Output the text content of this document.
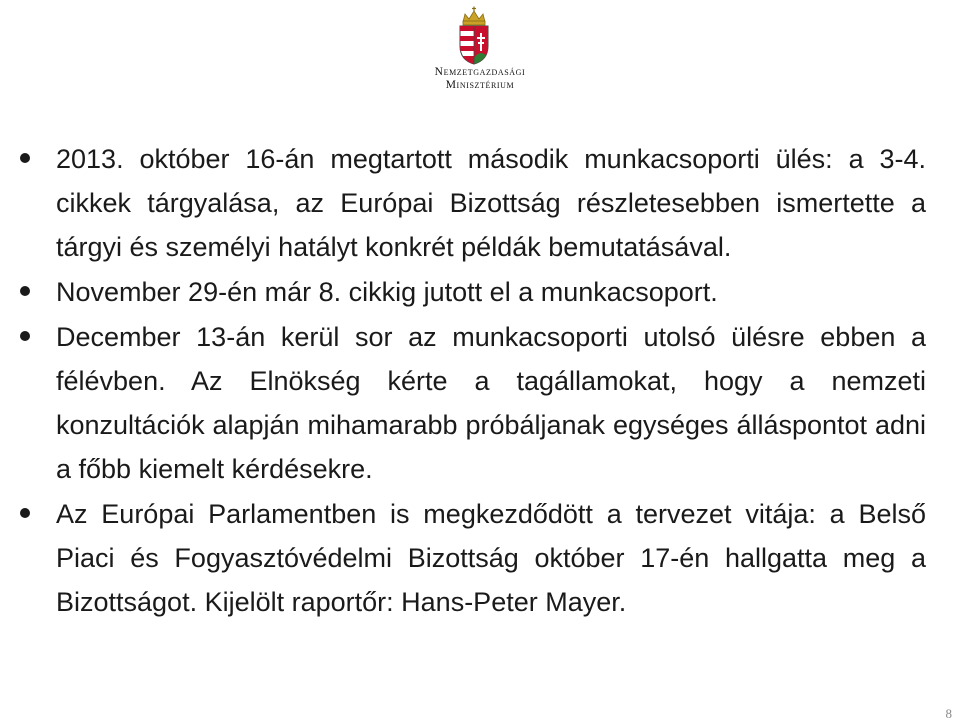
Nemzetgazdasági
Minisztérium
2013. október 16-án megtartott második munkacsoporti ülés: a 3-4. cikkek tárgyalása, az Európai Bizottság részletesebben ismertette a tárgyi és személyi hatályt konkrét példák bemutatásával.
November 29-én már 8. cikkig jutott el a munkacsoport.
December 13-án kerül sor az munkacsoporti utolsó ülésre ebben a félévben. Az Elnökség kérte a tagállamokat, hogy a nemzeti konzultációk alapján mihamarabb próbáljanak egységes álláspontot adni a főbb kiemelt kérdésekre.
Az Európai Parlamentben is megkezdődött a tervezet vitája: a Belső Piaci és Fogyasztóvédelmi Bizottság október 17-én hallgatta meg a Bizottságot. Kijelölt raportőr: Hans-Peter Mayer.
8
